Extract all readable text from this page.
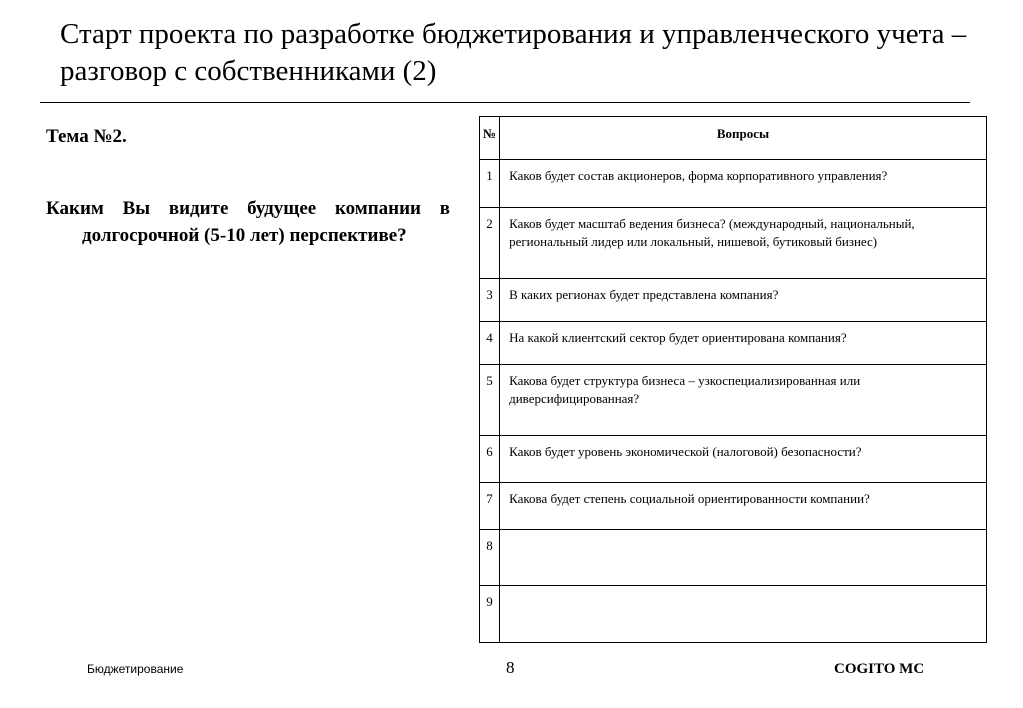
Старт проекта по разработке бюджетирования и управленческого учета – разговор с собственниками (2)
Тема №2.
Каким Вы видите будущее компании в долгосрочной (5-10 лет) перспективе?
№	Вопросы
1	Каков будет состав акционеров, форма корпоративного управления?
2	Каков будет масштаб ведения бизнеса? (международный, национальный, региональный лидер или локальный, нишевой, бутиковый бизнес)
3	В каких регионах будет представлена компания?
4	На какой клиентский сектор будет ориентирована компания?
5	Какова будет структура бизнеса – узкоспециализированная или диверсифицированная?
6	Каков будет уровень экономической (налоговой) безопасности?
7	Какова будет степень социальной ориентированности компании?
8	
9	
Бюджетирование	8	COGITO MC
